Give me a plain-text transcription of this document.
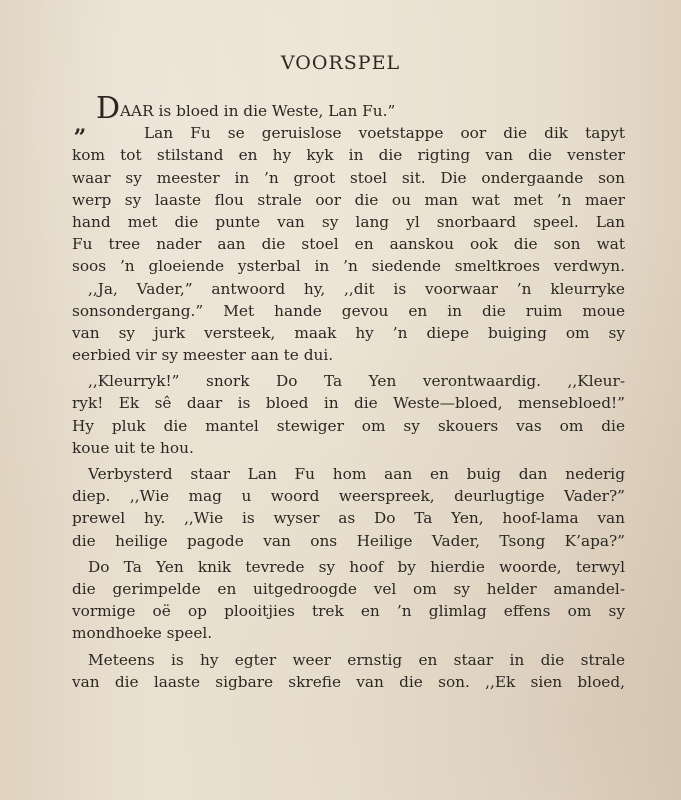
VOORSPEL
„ D AAR is bloed in die Weste, Lan Fu.”
Lan Fu se geruislose voetstappe oor die dik tapyt
kom tot stilstand en hy kyk in die rigting van die venster
waar sy meester in ’n groot stoel sit. Die ondergaande son
werp sy laaste flou strale oor die ou man wat met ’n maer
hand met die punte van sy lang yl snorbaard speel. Lan
Fu tree nader aan die stoel en aanskou ook die son wat
soos ’n gloeiende ysterbal in ’n siedende smeltkroes verdwyn.
,,Ja, Vader,” antwoord hy, ,,dit is voorwaar ’n kleurryke
sonsondergang.” Met hande gevou en in die ruim moue
van sy jurk versteek, maak hy ’n diepe buiging om sy
eerbied vir sy meester aan te dui.
,,Kleurryk!” snork Do Ta Yen verontwaardig. ,,Kleur-
ryk! Ek sê daar is bloed in die Weste—bloed, mensebloed!”
Hy pluk die mantel stewiger om sy skouers vas om die
koue uit te hou.
Verbysterd staar Lan Fu hom aan en buig dan nederig
diep. ,,Wie mag u woord weerspreek, deurlugtige Vader?”
prewel hy. ,,Wie is wyser as Do Ta Yen, hoof-lama van
die heilige pagode van ons Heilige Vader, Tsong K’apa?”
Do Ta Yen knik tevrede sy hoof by hierdie woorde, terwyl
die gerimpelde en uitgedroogde vel om sy helder amandel-
vormige oë op plooitjies trek en ’n glimlag effens om sy
mondhoeke speel.
Meteens is hy egter weer ernstig en staar in die strale
van die laaste sigbare skrefie van die son. ,,Ek sien bloed,
